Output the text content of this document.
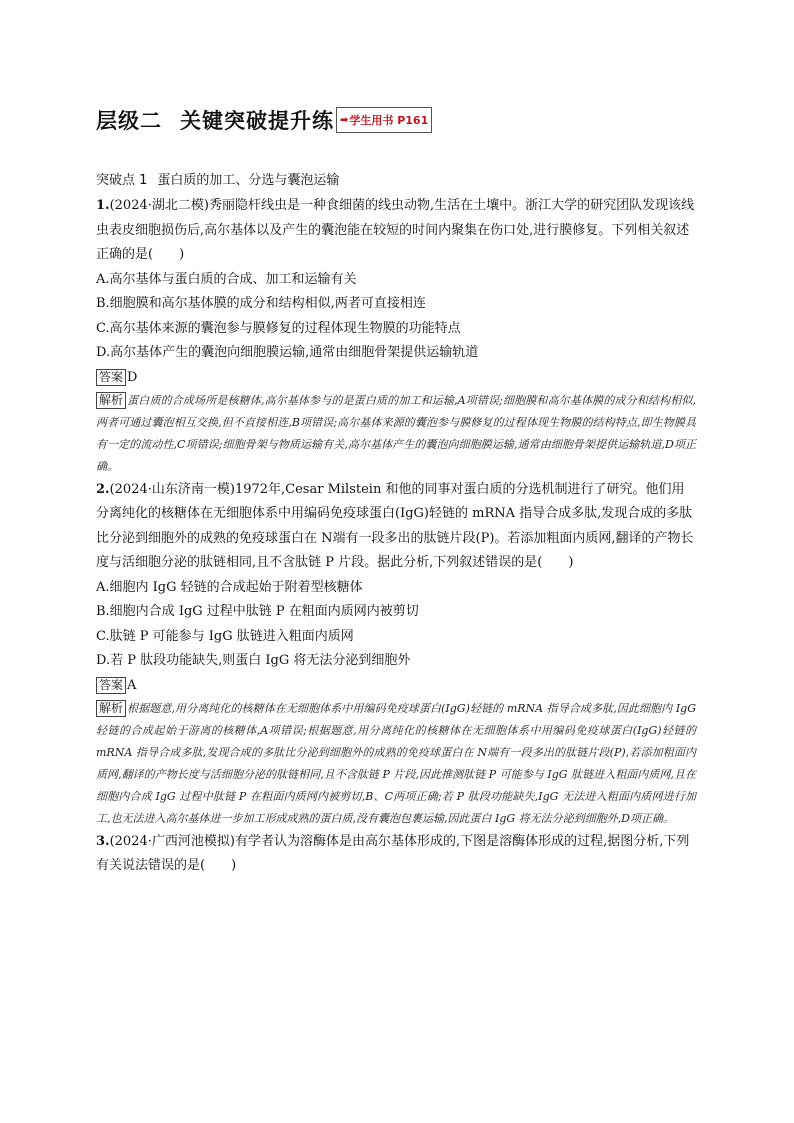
层级二 关键突破提升练 ➡ 学生用书 P161
突破点 1 蛋白质的加工、分选与囊泡运输
1.(2024·湖北二模)秀丽隐杆线虫是一种食细菌的线虫动物,生活在土壤中。浙江大学的研究团队发现该线虫表皮细胞损伤后,高尔基体以及产生的囊泡能在较短的时间内聚集在伤口处,进行膜修复。下列相关叙述正确的是(　　)
A.高尔基体与蛋白质的合成、加工和运输有关
B.细胞膜和高尔基体膜的成分和结构相似,两者可直接相连
C.高尔基体来源的囊泡参与膜修复的过程体现生物膜的功能特点
D.高尔基体产生的囊泡向细胞膜运输,通常由细胞骨架提供运输轨道
答案 D
解析 蛋白质的合成场所是核糖体,高尔基体参与的是蛋白质的加工和运输,A项错误;细胞膜和高尔基体膜的成分和结构相似,两者可通过囊泡相互交换,但不直接相连,B项错误;高尔基体来源的囊泡参与膜修复的过程体现生物膜的结构特点,即生物膜具有一定的流动性,C项错误;细胞骨架与物质运输有关,高尔基体产生的囊泡向细胞膜运输,通常由细胞骨架提供运输轨道,D项正确。
2.(2024·山东济南一模)1972年,Cesar Milstein 和他的同事对蛋白质的分选机制进行了研究。他们用分离纯化的核糖体在无细胞体系中用编码免疫球蛋白(IgG)轻链的 mRNA 指导合成多肽,发现合成的多肽比分泌到细胞外的成熟的免疫球蛋白在 N端有一段多出的肽链片段(P)。若添加粗面内质网,翻译的产物长度与活细胞分泌的肽链相同,且不含肽链 P 片段。据此分析,下列叙述错误的是(　　)
A.细胞内 IgG 轻链的合成起始于附着型核糖体
B.细胞内合成 IgG 过程中肽链 P 在粗面内质网内被剪切
C.肽链 P 可能参与 IgG 肽链进入粗面内质网
D.若 P 肽段功能缺失,则蛋白 IgG 将无法分泌到细胞外
答案 A
解析 根据题意,用分离纯化的核糖体在无细胞体系中用编码免疫球蛋白(IgG)轻链的 mRNA 指导合成多肽,因此细胞内 IgG 轻链的合成起始于游离的核糖体,A项错误;根据题意,用分离纯化的核糖体在无细胞体系中用编码免疫球蛋白(IgG)轻链的 mRNA 指导合成多肽,发现合成的多肽比分泌到细胞外的成熟的免疫球蛋白在 N端有一段多出的肽链片段(P),若添加粗面内质网,翻译的产物长度与活细胞分泌的肽链相同,且不含肽链 P 片段,因此推测肽链 P 可能参与 IgG 肽链进入粗面内质网,且在细胞内合成 IgG 过程中肽链 P 在粗面内质网内被剪切,B、C两项正确;若 P 肽段功能缺失,IgG 无法进入粗面内质网进行加工,也无法进入高尔基体进一步加工形成成熟的蛋白质,没有囊泡包裹运输,因此蛋白 IgG 将无法分泌到细胞外,D项正确。
3.(2024·广西河池模拟)有学者认为溶酶体是由高尔基体形成的,下图是溶酶体形成的过程,据图分析,下列有关说法错误的是(　　)
